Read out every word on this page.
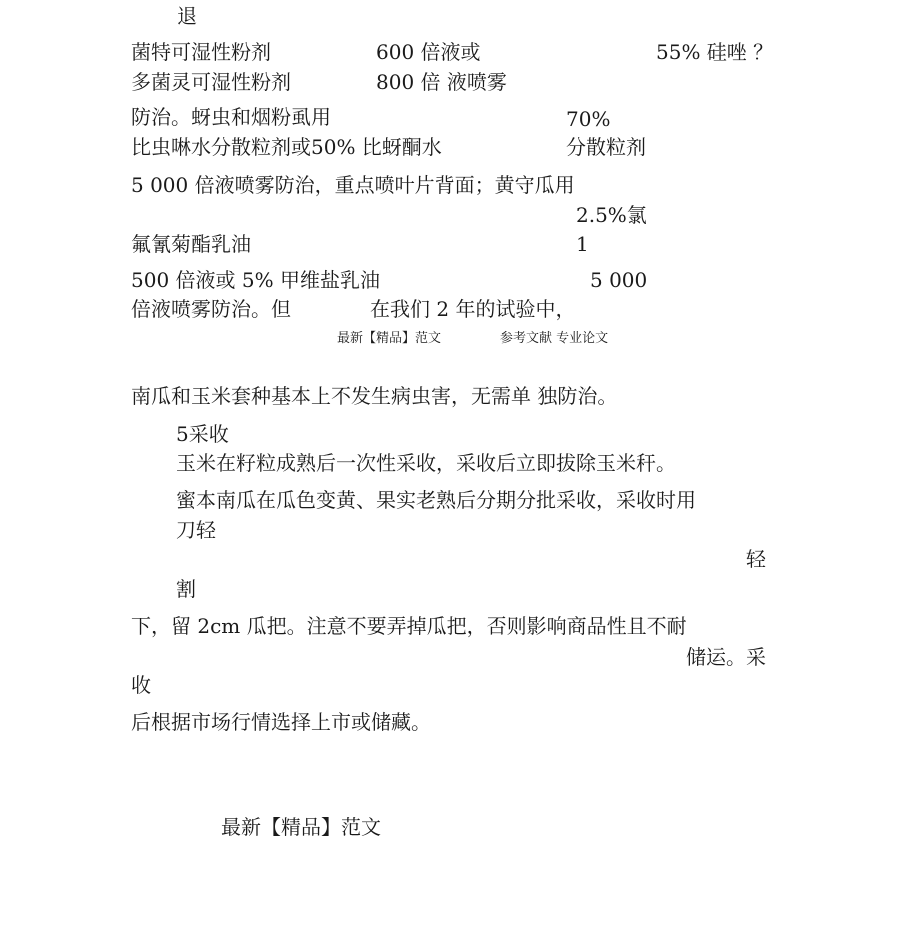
退

菌特可湿性粉剂	600 倍液或	55% 硅唑 ？

多菌灵可湿性粉剂	800 倍 液喷雾

防治。蚜虫和烟粉虱用	70%

比虫啉水分散粒剂或50% 比蚜酮水	分散粒剂

5 000 倍液喷雾防治，重点喷叶片背面；黄守瓜用

2.5%氯

氟氰菊酯乳油	1

500 倍液或 5% 甲维盐乳油	5 000

倍液喷雾防治。但	在我们 2 年的试验中，

最新【精品】范文	参考文献 专业论文

南瓜和玉米套种基本上不发生病虫害，无需单 独防治。

5采收

玉米在籽粒成熟后一次性采收，采收后立即拔除玉米秆。

蜜本南瓜在瓜色变黄、果实老熟后分期分批采收，采收时用

刀轻

轻

割

下，留 2cm 瓜把。注意不要弄掉瓜把，否则影响商品性且不耐

储运。采

收

后根据市场行情选择上市或储藏。

最新【精品】范文
